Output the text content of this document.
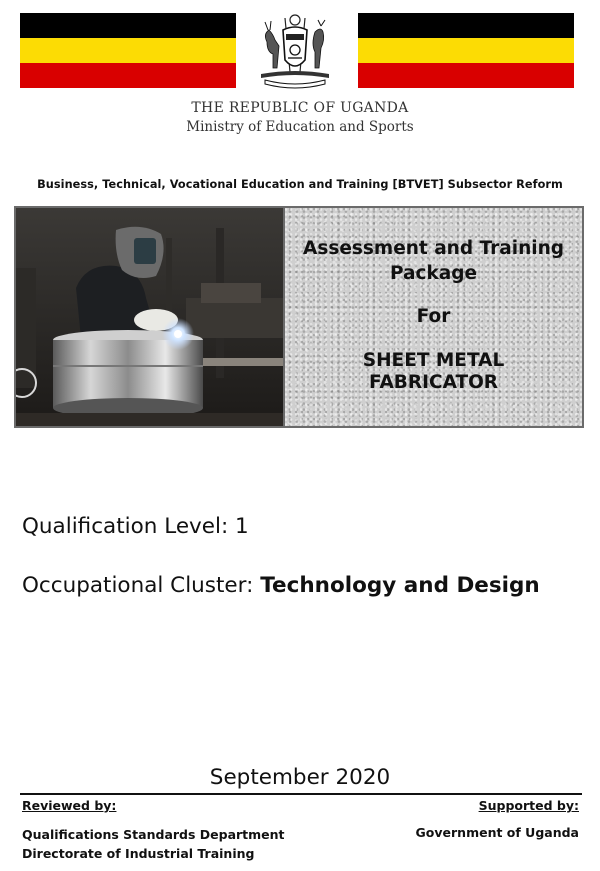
THE REPUBLIC OF UGANDA
Ministry of Education and Sports
Business, Technical, Vocational Education and Training [BTVET] Subsector Reform
Assessment and Training
Package
For
SHEET METAL
FABRICATOR
Qualification Level: 1
Occupational Cluster: Technology and Design
September 2020
Reviewed by:	Supported by:
Qualifications Standards Department
Directorate of Industrial Training
Government of Uganda
